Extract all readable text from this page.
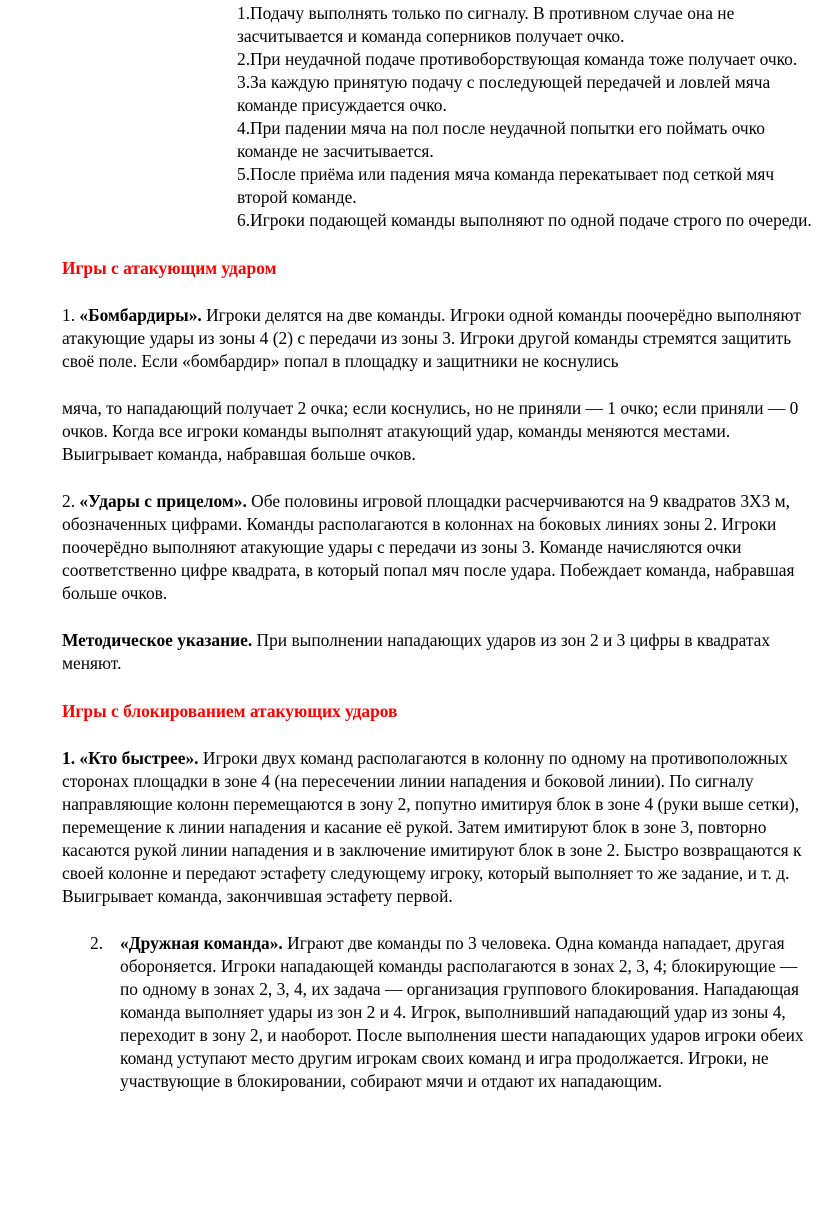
1.Подачу выполнять только по сигналу. В противном случае она не засчитывается и команда соперников получает очко.

2.При неудачной подаче противоборствующая команда тоже получает очко.

3.За каждую принятую подачу с последующей передачей и ловлей мяча команде присуждается очко.

4.При падении мяча на пол после неудачной попытки его поймать очко команде не засчитывается.

5.После приёма или падения мяча команда перекатывает под сеткой мяч второй команде.

6.Игроки подающей команды выполняют по одной подаче строго по очереди.

Игры с атакующим ударом

1. «Бомбардиры». Игроки делятся на две команды. Игроки одной команды поочерёдно выполняют атакующие удары из зоны 4 (2) с передачи из зоны 3. Игроки другой команды стремятся защитить своё поле. Если «бомбардир» попал в площадку и защитники не коснулись

мяча, то нападающий получает 2 очка; если коснулись, но не приняли — 1 очко; если приняли — 0 очков. Когда все игроки команды выполнят атакующий удар, команды меняются местами. Выигрывает команда, набравшая больше очков.

2. «Удары с прицелом». Обе половины игровой площадки расчерчиваются на 9 квадратов 3Х3 м, обозначенных цифрами. Команды располагаются в колоннах на боковых линиях зоны 2. Игроки поочерёдно выполняют атакующие удары с передачи из зоны 3. Команде начисляются очки соответственно цифре квадрата, в который попал мяч после удара. Побеждает команда, набравшая больше очков.

Методическое указание. При выполнении нападающих ударов из зон 2 и 3 цифры в квадратах меняют.

Игры с блокированием атакующих ударов

1. «Кто быстрее». Игроки двух команд располагаются в колонну по одному на противоположных сторонах площадки в зоне 4 (на пересечении линии нападения и боковой линии). По сигналу направляющие колонн перемещаются в зону 2, попутно имитируя блок в зоне 4 (руки выше сетки), перемещение к линии нападения и касание её рукой. Затем имитируют блок в зоне 3, повторно касаются рукой линии нападения и в заключение имитируют блок в зоне 2. Быстро возвращаются к своей колонне и передают эстафету следующему игроку, который выполняет то же задание, и т. д. Выигрывает команда, закончившая эстафету первой.

2. «Дружная команда». Играют две команды по 3 человека. Одна команда нападает, другая обороняется. Игроки нападающей команды располагаются в зонах 2, 3, 4; блокирующие — по одному в зонах 2, 3, 4, их задача — организация группового блокирования. Нападающая команда выполняет удары из зон 2 и 4. Игрок, выполнивший нападающий удар из зоны 4, переходит в зону 2, и наоборот. После выполнения шести нападающих ударов игроки обеих команд уступают место другим игрокам своих команд и игра продолжается. Игроки, не участвующие в блокировании, собирают мячи и отдают их нападающим.
